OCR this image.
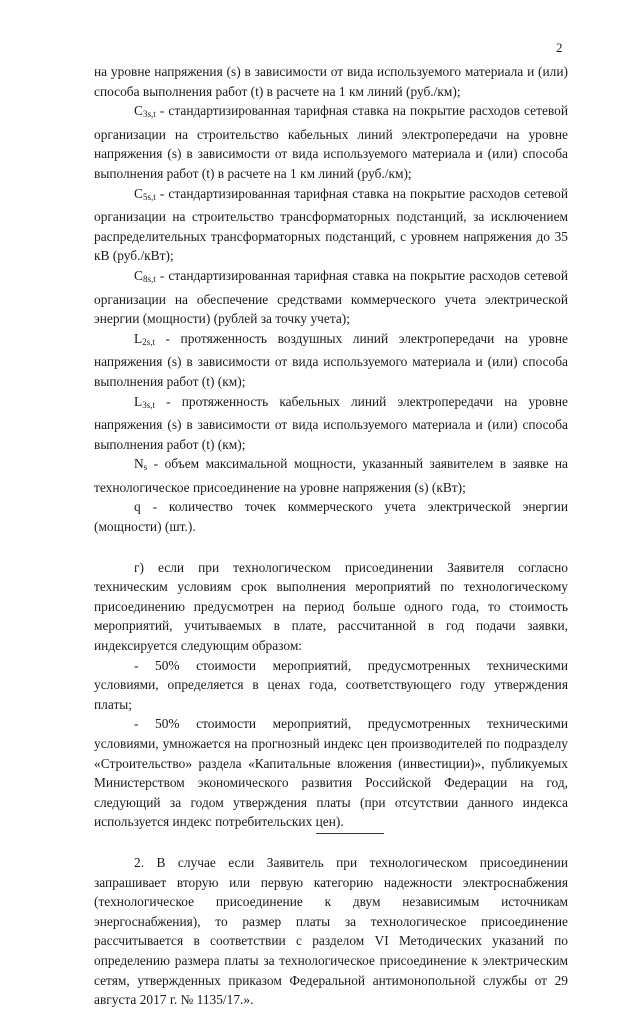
2

на уровне напряжения (s) в зависимости от вида используемого материала и (или) способа выполнения работ (t) в расчете на 1 км линий (руб./км);

$C_{3s,t}$ - стандартизированная тарифная ставка на покрытие расходов сетевой организации на строительство кабельных линий электропередачи на уровне напряжения (s) в зависимости от вида используемого материала и (или) способа выполнения работ (t) в расчете на 1 км линий (руб./км);

$C_{5s,t}$ - стандартизированная тарифная ставка на покрытие расходов сетевой организации на строительство трансформаторных подстанций, за исключением распределительных трансформаторных подстанций, с уровнем напряжения до 35 кВ (руб./кВт);

$C_{8s,t}$ - стандартизированная тарифная ставка на покрытие расходов сетевой организации на обеспечение средствами коммерческого учета электрической энергии (мощности) (рублей за точку учета);

$L_{2s,t}$ - протяженность воздушных линий электропередачи на уровне напряжения (s) в зависимости от вида используемого материала и (или) способа выполнения работ (t) (км);

$L_{3s,t}$ - протяженность кабельных линий электропередачи на уровне напряжения (s) в зависимости от вида используемого материала и (или) способа выполнения работ (t) (км);

$N_s$ - объем максимальной мощности, указанный заявителем в заявке на технологическое присоединение на уровне напряжения (s) (кВт);

q - количество точек коммерческого учета электрической энергии (мощности) (шт.).

г) если при технологическом присоединении Заявителя согласно техническим условиям срок выполнения мероприятий по технологическому присоединению предусмотрен на период больше одного года, то стоимость мероприятий, учитываемых в плате, рассчитанной в год подачи заявки, индексируется следующим образом:

- 50% стоимости мероприятий, предусмотренных техническими условиями, определяется в ценах года, соответствующего году утверждения платы;

- 50% стоимости мероприятий, предусмотренных техническими условиями, умножается на прогнозный индекс цен производителей по подразделу «Строительство» раздела «Капитальные вложения (инвестиции)», публикуемых Министерством экономического развития Российской Федерации на год, следующий за годом утверждения платы (при отсутствии данного индекса используется индекс потребительских цен).

2. В случае если Заявитель при технологическом присоединении запрашивает вторую или первую категорию надежности электроснабжения (технологическое присоединение к двум независимым источникам энергоснабжения), то размер платы за технологическое присоединение рассчитывается в соответствии с разделом VI Методических указаний по определению размера платы за технологическое присоединение к электрическим сетям, утвержденных приказом Федеральной антимонопольной службы от 29 августа 2017 г. № 1135/17.».
